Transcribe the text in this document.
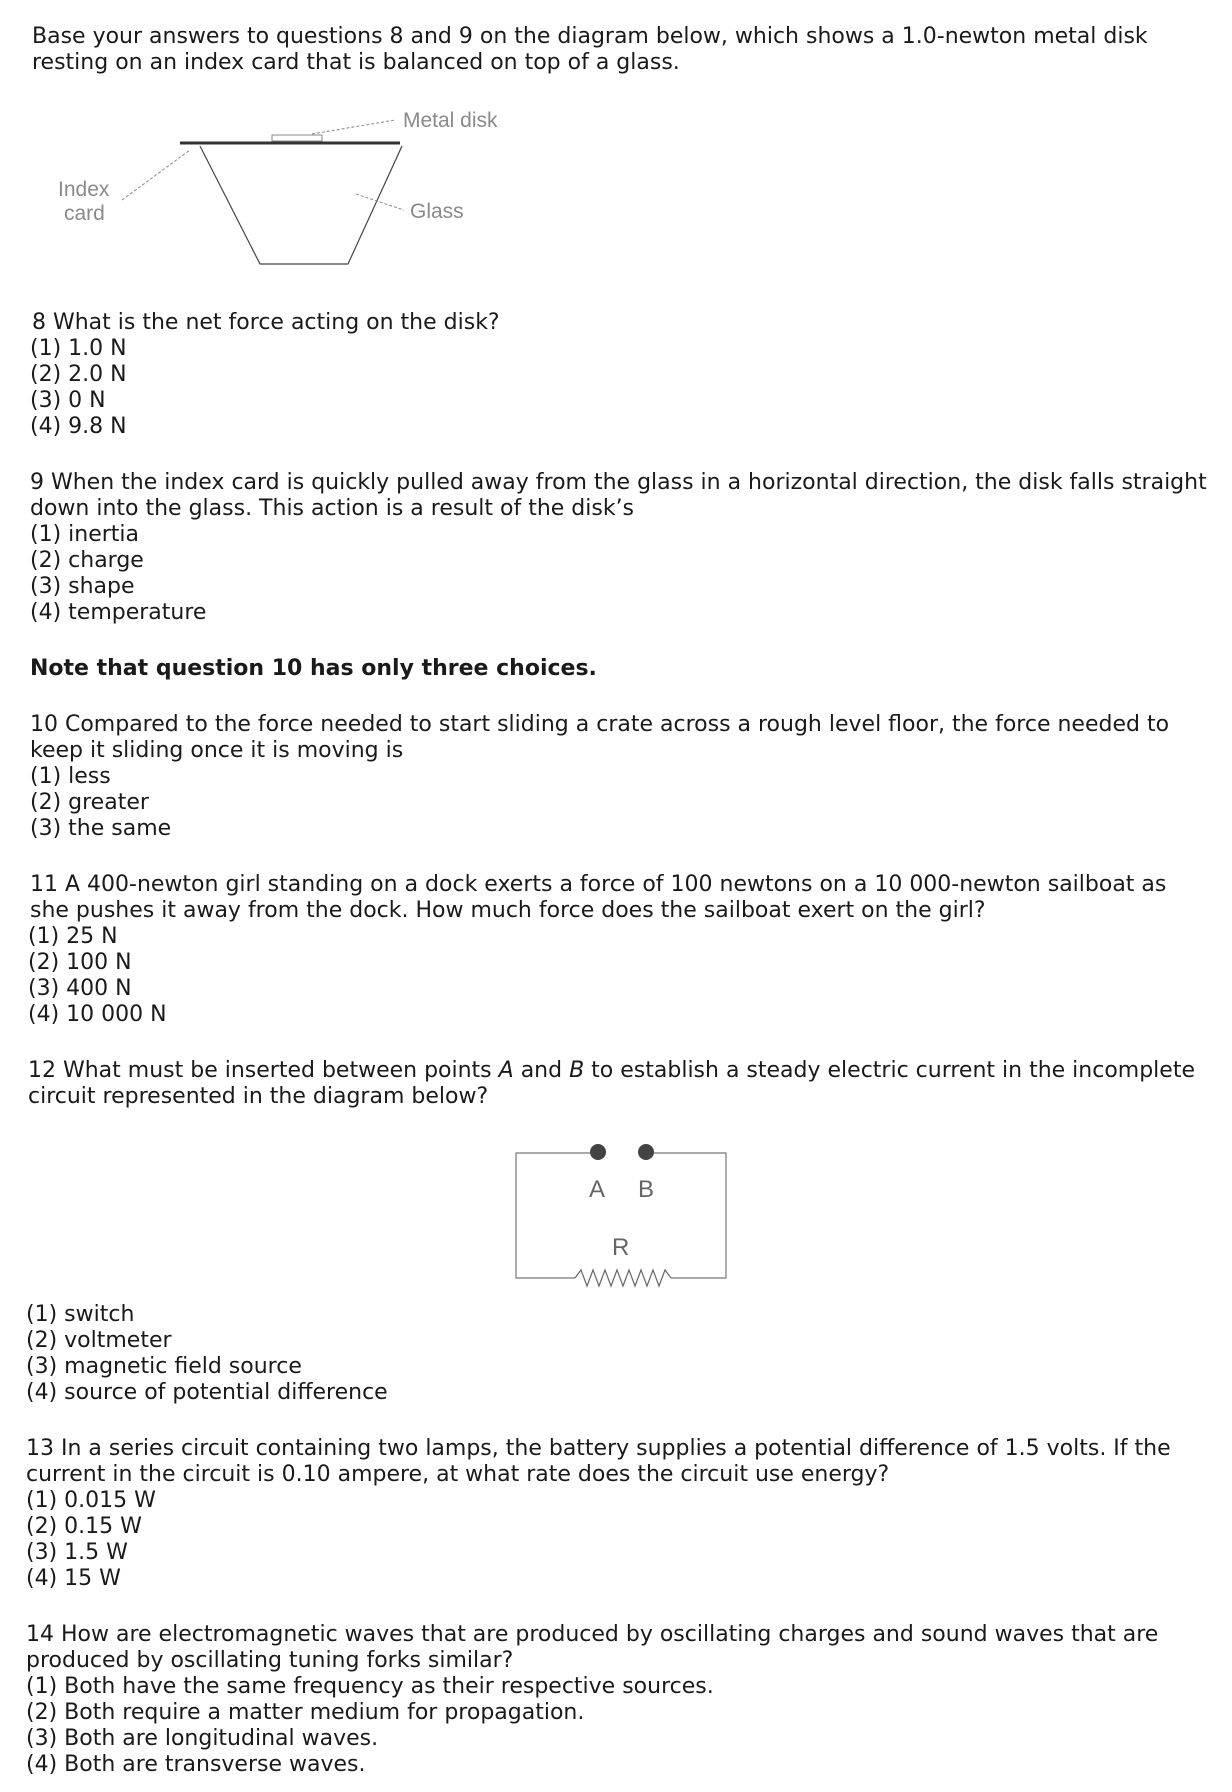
Base your answers to questions 8 and 9 on the diagram below, which shows a 1.0-newton metal disk
resting on an index card that is balanced on top of a glass.
Metal disk
Index
card	Glass
8 What is the net force acting on the disk?
(1) 1.0 N
(2) 2.0 N
(3) 0 N
(4) 9.8 N
9 When the index card is quickly pulled away from the glass in a horizontal direction, the disk falls straight
down into the glass. This action is a result of the disk’s
(1) inertia
(2) charge
(3) shape
(4) temperature
Note that question 10 has only three choices.
10 Compared to the force needed to start sliding a crate across a rough level floor, the force needed to
keep it sliding once it is moving is
(1) less
(2) greater
(3) the same
11 A 400-newton girl standing on a dock exerts a force of 100 newtons on a 10 000-newton sailboat as
she pushes it away from the dock. How much force does the sailboat exert on the girl?
(1) 25 N
(2) 100 N
(3) 400 N
(4) 10 000 N
12 What must be inserted between points A and B to establish a steady electric current in the incomplete
circuit represented in the diagram below?
A B
R
(1) switch
(2) voltmeter
(3) magnetic field source
(4) source of potential difference
13 In a series circuit containing two lamps, the battery supplies a potential difference of 1.5 volts. If the
current in the circuit is 0.10 ampere, at what rate does the circuit use energy?
(1) 0.015 W
(2) 0.15 W
(3) 1.5 W
(4) 15 W
14 How are electromagnetic waves that are produced by oscillating charges and sound waves that are
produced by oscillating tuning forks similar?
(1) Both have the same frequency as their respective sources.
(2) Both require a matter medium for propagation.
(3) Both are longitudinal waves.
(4) Both are transverse waves.
